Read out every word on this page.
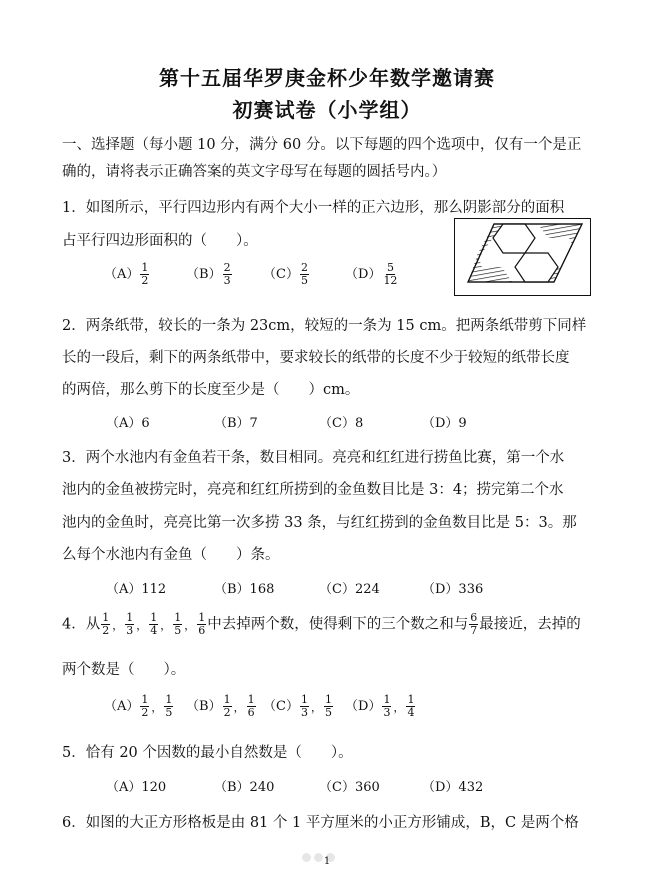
第十五届华罗庚金杯少年数学邀请赛
初赛试卷（小学组）
一、选择题（每小题 10 分，满分 60 分。以下每题的四个选项中，仅有一个是正
确的，请将表示正确答案的英文字母写在每题的圆括号内。）
1．如图所示，平行四边形内有两个大小一样的正六边形，那么阴影部分的面积
占平行四边形面积的（　　）。
$(A) \frac{1}{2}$	$(B) \frac{2}{3} (C) \frac{2}{5}$	$(D) \frac{5}{12}$
2．两条纸带，较长的一条为 23cm，较短的一条为 15 cm。把两条纸带剪下同样
长的一段后，剩下的两条纸带中，要求较长的纸带的长度不少于较短的纸带长度
的两倍，那么剪下的长度至少是（　　）cm。
（A）6	（B）7	（C）8	（D）9
3．两个水池内有金鱼若干条，数目相同。亮亮和红红进行捞鱼比赛，第一个水
池内的金鱼被捞完时，亮亮和红红所捞到的金鱼数目比是 3：4；捞完第二个水
池内的金鱼时，亮亮比第一次多捞 33 条，与红红捞到的金鱼数目比是 5：3。那
么每个水池内有金鱼（　　）条。
（A）112	（B）168	（C）224	（D）336
4．从 $\frac{1}{2}$ ， $\frac{1}{3}$ ， $\frac{1}{4}$ ， $\frac{1}{5}$ ， $\frac{1}{6}$ 中去掉两个数，使得剩下的三个数之和与 $\frac{6}{7}$ 最接近，去掉的
两个数是（　　）。
$(A) \frac{1}{2}$ ， $\frac{1}{5} (B) \frac{1}{2}$ ， $\frac{1}{6} (C) \frac{1}{3}$ ， $\frac{1}{5} (D) \frac{1}{3}$ ， $\frac{1}{4}$
5．恰有 20 个因数的最小自然数是（　　）。
（A）120	（B）240	（C）360	（D）432
6．如图的大正方形格板是由 81 个 1 平方厘米的小正方形铺成，B，C 是两个格
1
